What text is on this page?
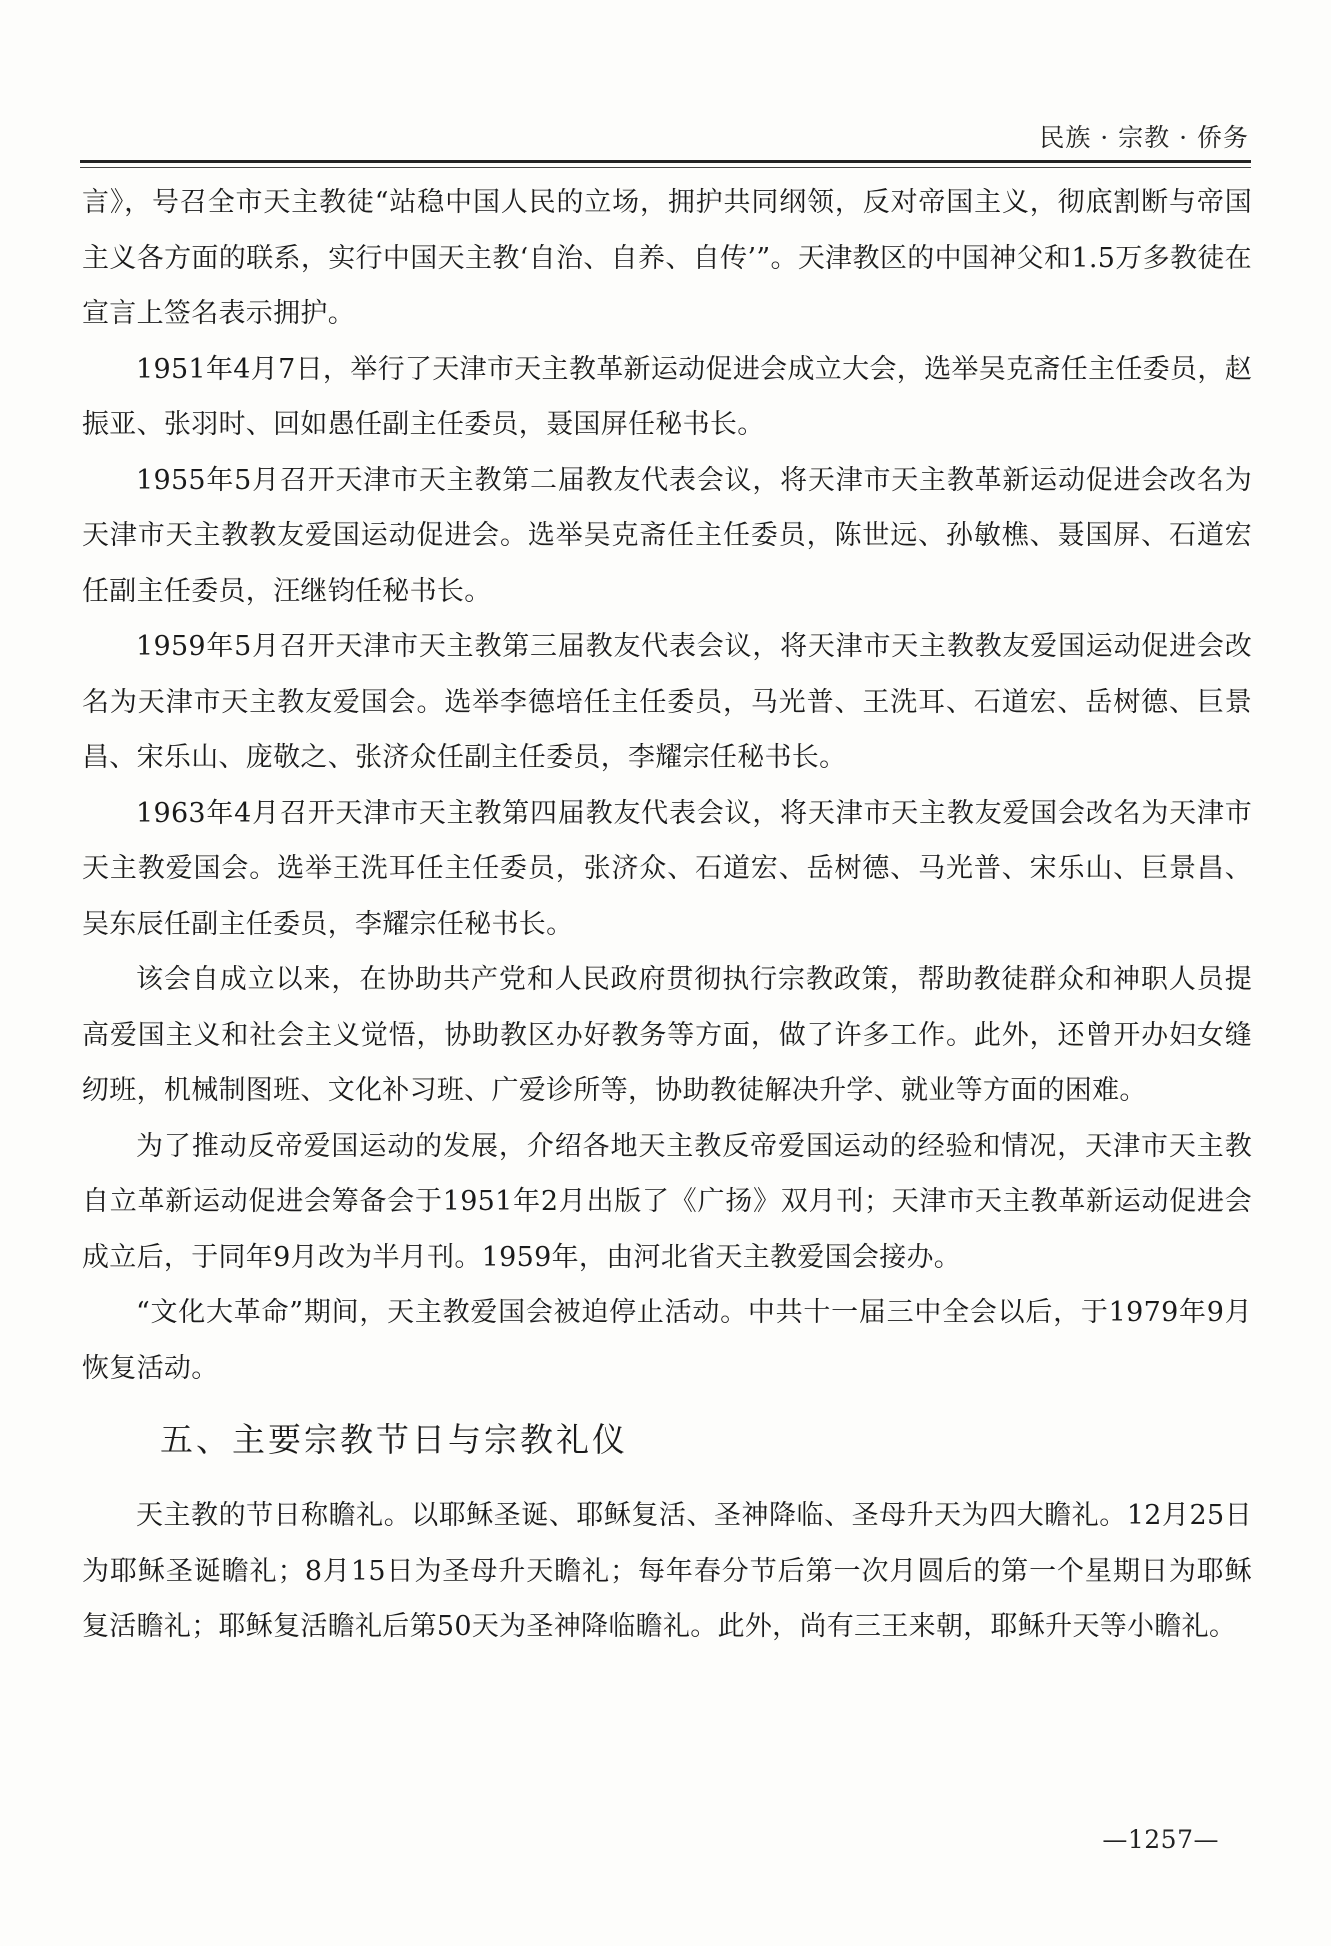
民族 · 宗教 · 侨务

言》，号召全市天主教徒“站稳中国人民的立场，拥护共同纲领，反对帝国主义，彻底割断与帝国主义各方面的联系，实行中国天主教‘自治、自养、自传’”。天津教区的中国神父和1.5万多教徒在宣言上签名表示拥护。

1951年4月7日，举行了天津市天主教革新运动促进会成立大会，选举吴克斋任主任委员，赵振亚、张羽时、回如愚任副主任委员，聂国屏任秘书长。

1955年5月召开天津市天主教第二届教友代表会议，将天津市天主教革新运动促进会改名为天津市天主教教友爱国运动促进会。选举吴克斋任主任委员，陈世远、孙敏樵、聂国屏、石道宏任副主任委员，汪继钧任秘书长。

1959年5月召开天津市天主教第三届教友代表会议，将天津市天主教教友爱国运动促进会改名为天津市天主教友爱国会。选举李德培任主任委员，马光普、王洗耳、石道宏、岳树德、巨景昌、宋乐山、庞敬之、张济众任副主任委员，李耀宗任秘书长。

1963年4月召开天津市天主教第四届教友代表会议，将天津市天主教友爱国会改名为天津市天主教爱国会。选举王洗耳任主任委员，张济众、石道宏、岳树德、马光普、宋乐山、巨景昌、吴东辰任副主任委员，李耀宗任秘书长。

该会自成立以来，在协助共产党和人民政府贯彻执行宗教政策，帮助教徒群众和神职人员提高爱国主义和社会主义觉悟，协助教区办好教务等方面，做了许多工作。此外，还曾开办妇女缝纫班，机械制图班、文化补习班、广爱诊所等，协助教徒解决升学、就业等方面的困难。

为了推动反帝爱国运动的发展，介绍各地天主教反帝爱国运动的经验和情况，天津市天主教自立革新运动促进会筹备会于1951年2月出版了《广扬》双月刊；天津市天主教革新运动促进会成立后，于同年9月改为半月刊。1959年，由河北省天主教爱国会接办。

“文化大革命”期间，天主教爱国会被迫停止活动。中共十一届三中全会以后，于1979年9月恢复活动。

五、主要宗教节日与宗教礼仪

天主教的节日称瞻礼。以耶稣圣诞、耶稣复活、圣神降临、圣母升天为四大瞻礼。12月25日为耶稣圣诞瞻礼；8月15日为圣母升天瞻礼；每年春分节后第一次月圆后的第一个星期日为耶稣复活瞻礼；耶稣复活瞻礼后第50天为圣神降临瞻礼。此外，尚有三王来朝，耶稣升天等小瞻礼。

—1257—
